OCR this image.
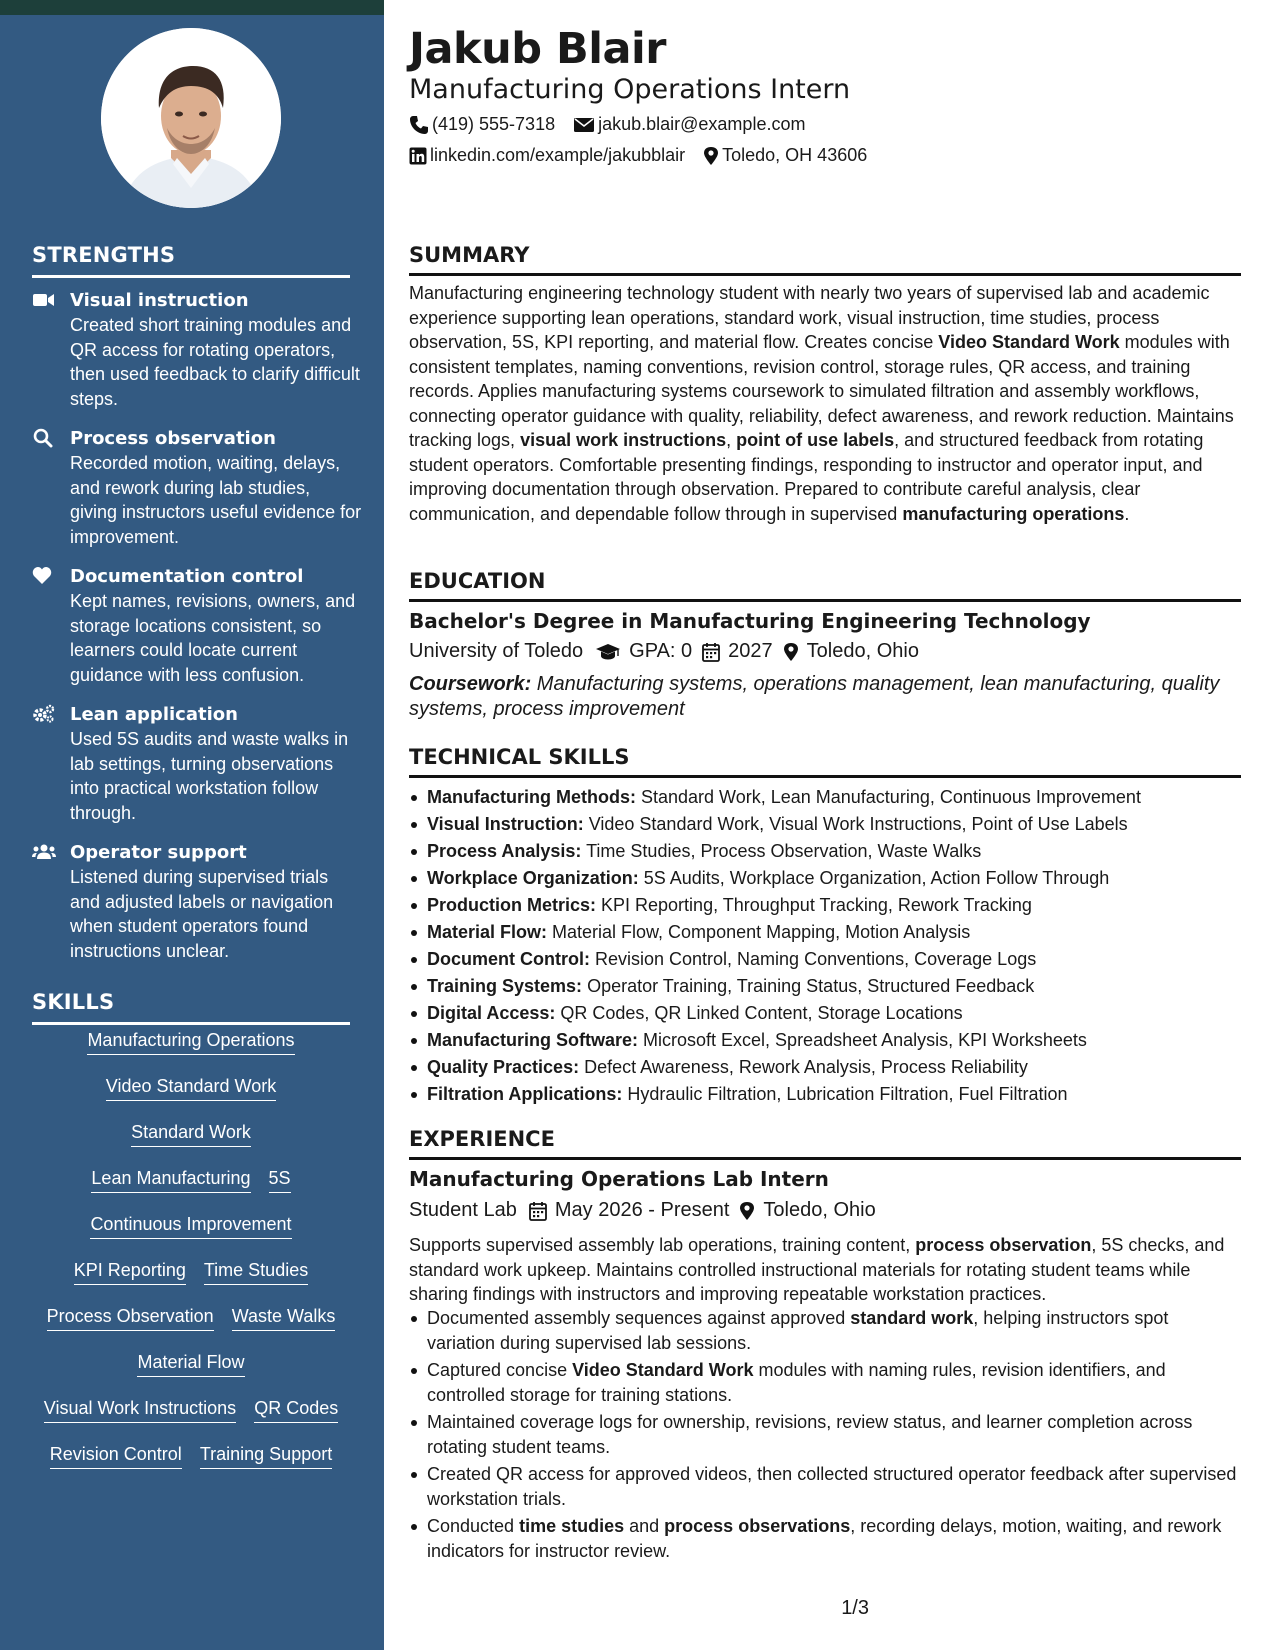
STRENGTHS
Visual instruction
Created short training modules and QR access for rotating operators, then used feedback to clarify difficult steps.
Process observation
Recorded motion, waiting, delays, and rework during lab studies, giving instructors useful evidence for improvement.
Documentation control
Kept names, revisions, owners, and storage locations consistent, so learners could locate current guidance with less confusion.
Lean application
Used 5S audits and waste walks in lab settings, turning observations into practical workstation follow through.
Operator support
Listened during supervised trials and adjusted labels or navigation when student operators found instructions unclear.
SKILLS
Manufacturing Operations
Video Standard Work
Standard Work
Lean Manufacturing 5S
Continuous Improvement
KPI Reporting Time Studies
Process Observation Waste Walks
Material Flow
Visual Work Instructions QR Codes
Revision Control Training Support
Jakub Blair
Manufacturing Operations Intern
(419) 555-7318 jakub.blair@example.com
linkedin.com/example/jakubblair Toledo, OH 43606
SUMMARY
Manufacturing engineering technology student with nearly two years of supervised lab and academic experience supporting lean operations, standard work, visual instruction, time studies, process observation, 5S, KPI reporting, and material flow. Creates concise Video Standard Work modules with consistent templates, naming conventions, revision control, storage rules, QR access, and training records. Applies manufacturing systems coursework to simulated filtration and assembly workflows, connecting operator guidance with quality, reliability, defect awareness, and rework reduction. Maintains tracking logs, visual work instructions, point of use labels, and structured feedback from rotating student operators. Comfortable presenting findings, responding to instructor and operator input, and improving documentation through observation. Prepared to contribute careful analysis, clear communication, and dependable follow through in supervised manufacturing operations.
EDUCATION
Bachelor's Degree in Manufacturing Engineering Technology
University of Toledo GPA: 0 2027 Toledo, Ohio
Coursework: Manufacturing systems, operations management, lean manufacturing, quality systems, process improvement
TECHNICAL SKILLS
Manufacturing Methods: Standard Work, Lean Manufacturing, Continuous Improvement
Visual Instruction: Video Standard Work, Visual Work Instructions, Point of Use Labels
Process Analysis: Time Studies, Process Observation, Waste Walks
Workplace Organization: 5S Audits, Workplace Organization, Action Follow Through
Production Metrics: KPI Reporting, Throughput Tracking, Rework Tracking
Material Flow: Material Flow, Component Mapping, Motion Analysis
Document Control: Revision Control, Naming Conventions, Coverage Logs
Training Systems: Operator Training, Training Status, Structured Feedback
Digital Access: QR Codes, QR Linked Content, Storage Locations
Manufacturing Software: Microsoft Excel, Spreadsheet Analysis, KPI Worksheets
Quality Practices: Defect Awareness, Rework Analysis, Process Reliability
Filtration Applications: Hydraulic Filtration, Lubrication Filtration, Fuel Filtration
EXPERIENCE
Manufacturing Operations Lab Intern
Student Lab May 2026 - Present Toledo, Ohio
Supports supervised assembly lab operations, training content, process observation, 5S checks, and standard work upkeep. Maintains controlled instructional materials for rotating student teams while sharing findings with instructors and improving repeatable workstation practices.
Documented assembly sequences against approved standard work, helping instructors spot variation during supervised lab sessions.
Captured concise Video Standard Work modules with naming rules, revision identifiers, and controlled storage for training stations.
Maintained coverage logs for ownership, revisions, review status, and learner completion across rotating student teams.
Created QR access for approved videos, then collected structured operator feedback after supervised workstation trials.
Conducted time studies and process observations, recording delays, motion, waiting, and rework indicators for instructor review.
1/3
